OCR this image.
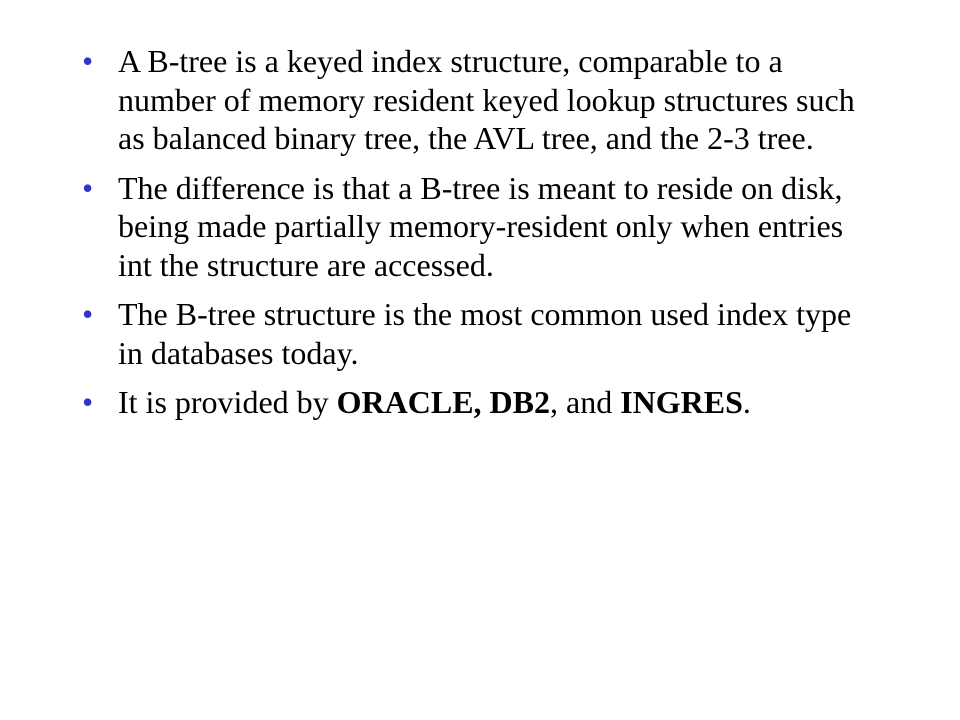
• A B-tree is a keyed index structure, comparable to a number of memory resident keyed lookup structures such as balanced binary tree, the AVL tree, and the 2-3 tree.
• The difference is that a B-tree is meant to reside on disk, being made partially memory-resident only when entries int the structure are accessed.
• The B-tree structure is the most common used index type in databases today.
• It is provided by ORACLE, DB2, and INGRES.
